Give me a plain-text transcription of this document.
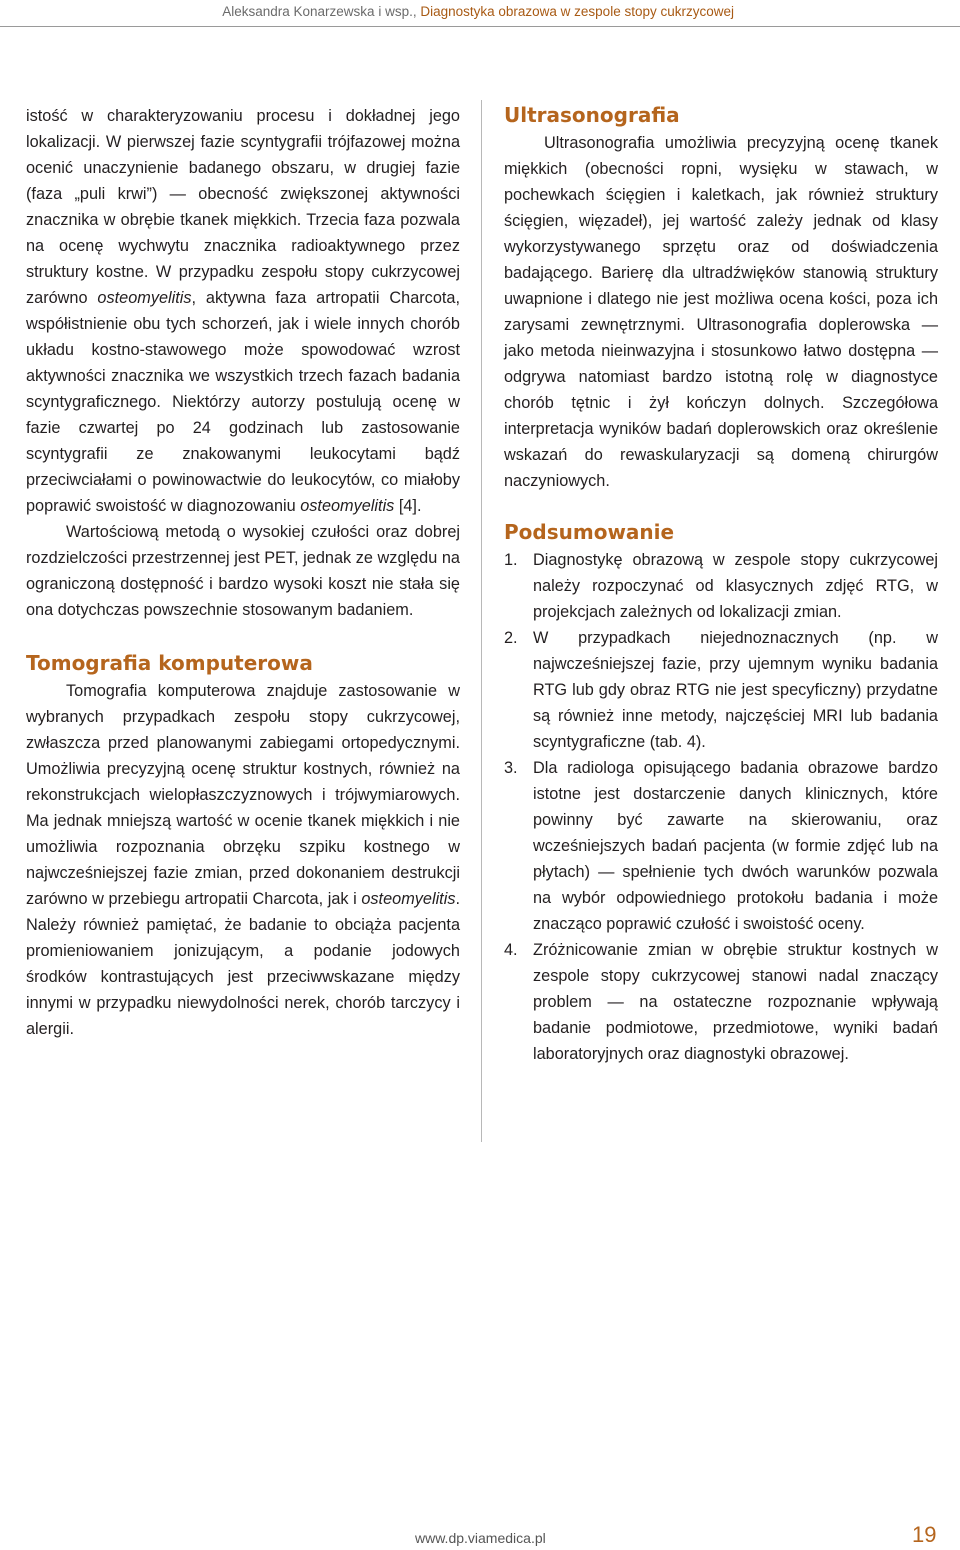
Aleksandra Konarzewska i wsp., Diagnostyka obrazowa w zespole stopy cukrzycowej

istość w charakteryzowaniu procesu i dokładnej jego lokalizacji. W pierwszej fazie scyntygrafii trójfazowej można ocenić unaczynienie badanego obszaru, w drugiej fazie (faza „puli krwi”) — obecność zwiększonej aktywności znacznika w obrębie tkanek miękkich. Trzecia faza pozwala na ocenę wychwytu znacznika radioaktywnego przez struktury kostne. W przypadku zespołu stopy cukrzycowej zarówno osteomyelitis, aktywna faza artropatii Charcota, współistnienie obu tych schorzeń, jak i wiele innych chorób układu kostno-stawowego może spowodować wzrost aktywności znacznika we wszystkich trzech fazach badania scyntygraficznego. Niektórzy autorzy postulują ocenę w fazie czwartej po 24 godzinach lub zastosowanie scyntygrafii ze znakowanymi leukocytami bądź przeciwciałami o powinowactwie do leukocytów, co miałoby poprawić swoistość w diagnozowaniu osteomyelitis [4].

Wartościową metodą o wysokiej czułości oraz dobrej rozdzielczości przestrzennej jest PET, jednak ze względu na ograniczoną dostępność i bardzo wysoki koszt nie stała się ona dotychczas powszechnie stosowanym badaniem.

Tomografia komputerowa

Tomografia komputerowa znajduje zastosowanie w wybranych przypadkach zespołu stopy cukrzycowej, zwłaszcza przed planowanymi zabiegami ortopedycznymi. Umożliwia precyzyjną ocenę struktur kostnych, również na rekonstrukcjach wielopłaszczyznowych i trójwymiarowych. Ma jednak mniejszą wartość w ocenie tkanek miękkich i nie umożliwia rozpoznania obrzęku szpiku kostnego w najwcześniejszej fazie zmian, przed dokonaniem destrukcji zarówno w przebiegu artropatii Charcota, jak i osteomyelitis. Należy również pamiętać, że badanie to obciąża pacjenta promieniowaniem jonizującym, a podanie jodowych środków kontrastujących jest przeciwwskazane między innymi w przypadku niewydolności nerek, chorób tarczycy i alergii.

Ultrasonografia

Ultrasonografia umożliwia precyzyjną ocenę tkanek miękkich (obecności ropni, wysięku w stawach, w pochewkach ścięgien i kaletkach, jak również struktury ścięgien, więzadeł), jej wartość zależy jednak od klasy wykorzystywanego sprzętu oraz od doświadczenia badającego. Barierę dla ultradźwięków stanowią struktury uwapnione i dlatego nie jest możliwa ocena kości, poza ich zarysami zewnętrznymi. Ultrasonografia doplerowska — jako metoda nieinwazyjna i stosunkowo łatwo dostępna — odgrywa natomiast bardzo istotną rolę w diagnostyce chorób tętnic i żył kończyn dolnych. Szczegółowa interpretacja wyników badań doplerowskich oraz określenie wskazań do rewaskularyzacji są domeną chirurgów naczyniowych.

Podsumowanie
1. Diagnostykę obrazową w zespole stopy cukrzycowej należy rozpoczynać od klasycznych zdjęć RTG, w projekcjach zależnych od lokalizacji zmian.
2. W przypadkach niejednoznacznych (np. w najwcześniejszej fazie, przy ujemnym wyniku badania RTG lub gdy obraz RTG nie jest specyficzny) przydatne są również inne metody, najczęściej MRI lub badania scyntygraficzne (tab. 4).
3. Dla radiologa opisującego badania obrazowe bardzo istotne jest dostarczenie danych klinicznych, które powinny być zawarte na skierowaniu, oraz wcześniejszych badań pacjenta (w formie zdjęć lub na płytach) — spełnienie tych dwóch warunków pozwala na wybór odpowiedniego protokołu badania i może znacząco poprawić czułość i swoistość oceny.
4. Zróżnicowanie zmian w obrębie struktur kostnych w zespole stopy cukrzycowej stanowi nadal znaczący problem — na ostateczne rozpoznanie wpływają badanie podmiotowe, przedmiotowe, wyniki badań laboratoryjnych oraz diagnostyki obrazowej.
www.dp.viamedica.pl	19
